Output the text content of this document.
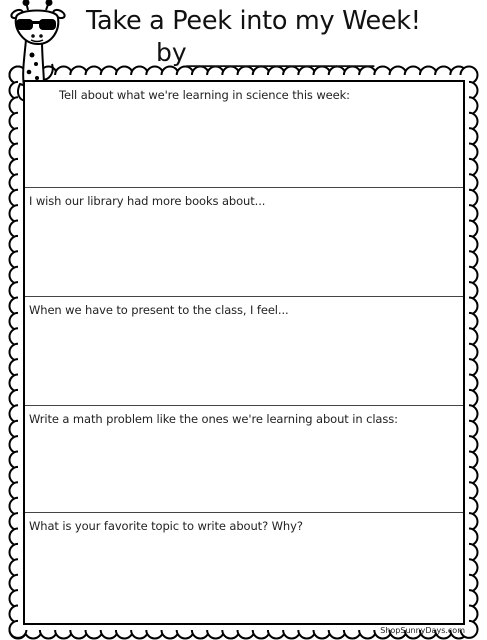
Take a Peek into my Week!
by_______________
Tell about what we're learning in science this week:
I wish our library had more books about...
When we have to present to the class, I feel...
Write a math problem like the ones we're learning about in class:
What is your favorite topic to write about? Why?
ShopSunnyDays.com
